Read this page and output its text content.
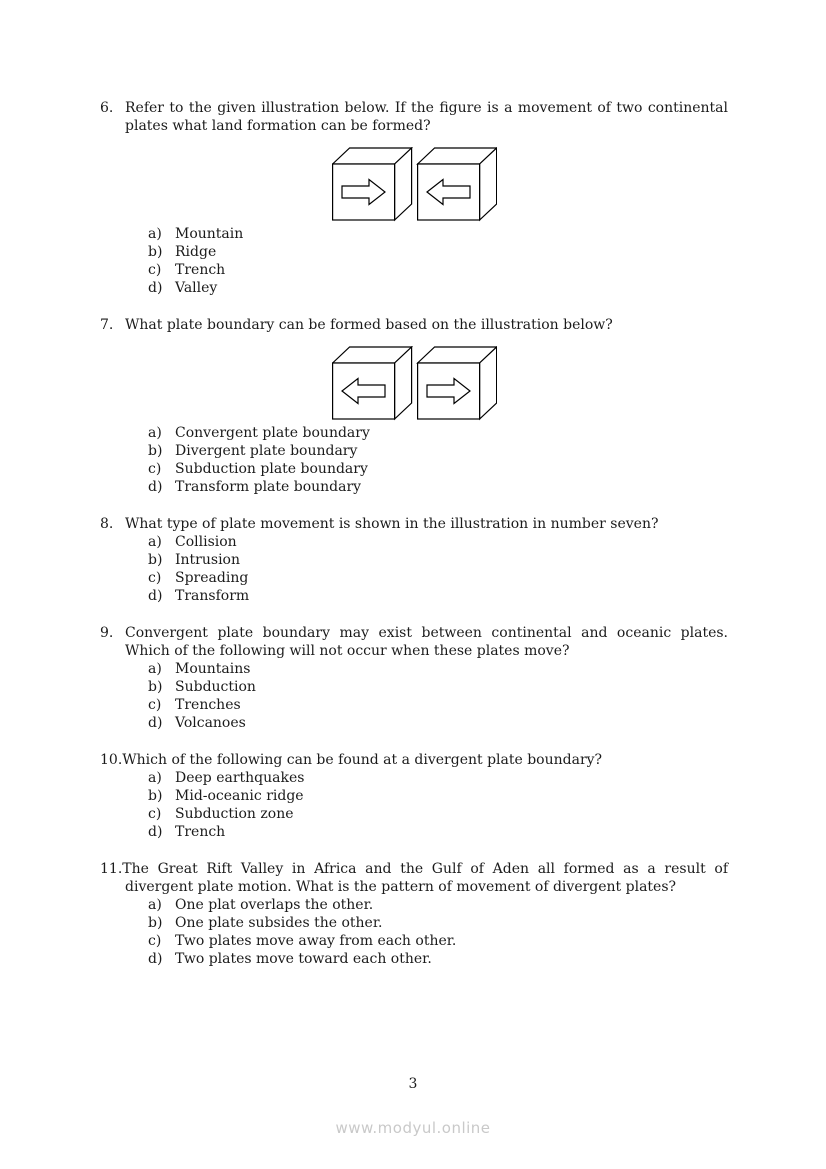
6. Refer to the given illustration below. If the figure is a movement of two continental plates what land formation can be formed?
a) Mountain
b) Ridge
c) Trench
d) Valley
7. What plate boundary can be formed based on the illustration below?
a) Convergent plate boundary
b) Divergent plate boundary
c) Subduction plate boundary
d) Transform plate boundary
8. What type of plate movement is shown in the illustration in number seven?
a) Collision
b) Intrusion
c) Spreading
d) Transform
9. Convergent plate boundary may exist between continental and oceanic plates. Which of the following will not occur when these plates move?
a) Mountains
b) Subduction
c) Trenches
d) Volcanoes
10.Which of the following can be found at a divergent plate boundary?
a) Deep earthquakes
b) Mid-oceanic ridge
c) Subduction zone
d) Trench
11.The Great Rift Valley in Africa and the Gulf of Aden all formed as a result of divergent plate motion. What is the pattern of movement of divergent plates?
a) One plat overlaps the other.
b) One plate subsides the other.
c) Two plates move away from each other.
d) Two plates move toward each other.
3
www.modyul.online
